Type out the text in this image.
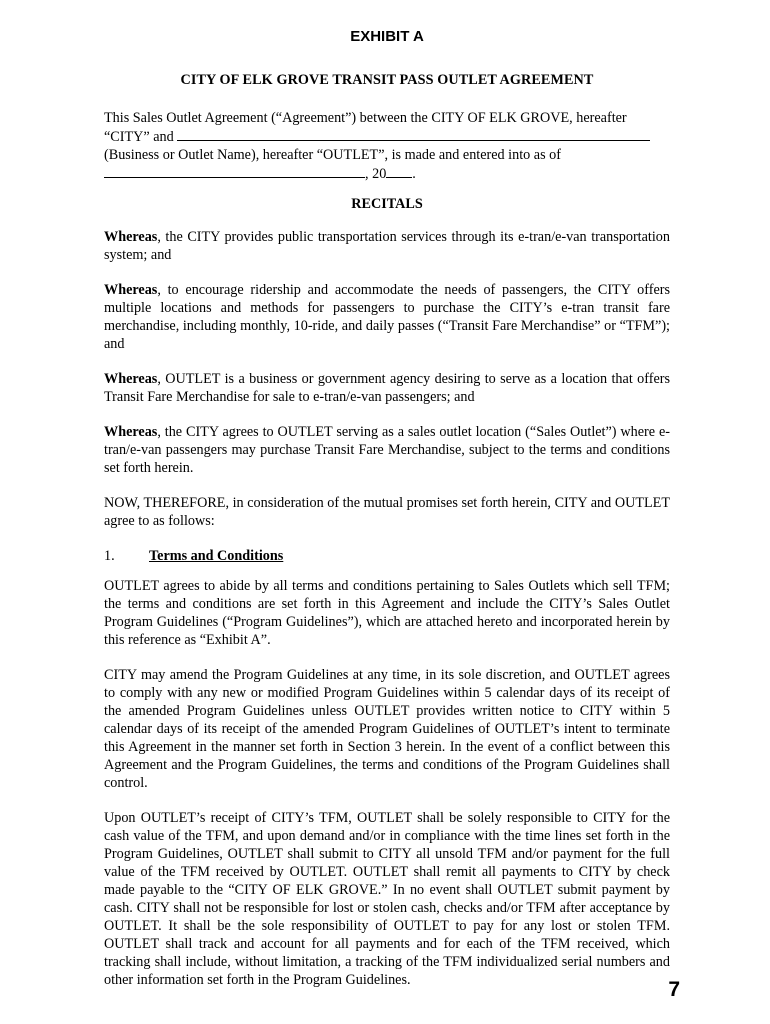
EXHIBIT A
CITY OF ELK GROVE TRANSIT PASS OUTLET AGREEMENT

This Sales Outlet Agreement (“Agreement”) between the CITY OF ELK GROVE, hereafter
“CITY” and
(Business or Outlet Name), hereafter “OUTLET”, is made and entered into as of
, 20 .

RECITALS

Whereas, the CITY provides public transportation services through its e-tran/e-van transportation system; and

Whereas, to encourage ridership and accommodate the needs of passengers, the CITY offers multiple locations and methods for passengers to purchase the CITY’s e-tran transit fare merchandise, including monthly, 10-ride, and daily passes (“Transit Fare Merchandise” or “TFM”); and

Whereas, OUTLET is a business or government agency desiring to serve as a location that offers Transit Fare Merchandise for sale to e-tran/e-van passengers; and

Whereas, the CITY agrees to OUTLET serving as a sales outlet location (“Sales Outlet”) where e-tran/e-van passengers may purchase Transit Fare Merchandise, subject to the terms and conditions set forth herein.

NOW, THEREFORE, in consideration of the mutual promises set forth herein, CITY and OUTLET agree to as follows:

1. Terms and Conditions

OUTLET agrees to abide by all terms and conditions pertaining to Sales Outlets which sell TFM; the terms and conditions are set forth in this Agreement and include the CITY’s Sales Outlet Program Guidelines (“Program Guidelines”), which are attached hereto and incorporated herein by this reference as “Exhibit A”.

CITY may amend the Program Guidelines at any time, in its sole discretion, and OUTLET agrees to comply with any new or modified Program Guidelines within 5 calendar days of its receipt of the amended Program Guidelines unless OUTLET provides written notice to CITY within 5 calendar days of its receipt of the amended Program Guidelines of OUTLET’s intent to terminate this Agreement in the manner set forth in Section 3 herein. In the event of a conflict between this Agreement and the Program Guidelines, the terms and conditions of the Program Guidelines shall control.

Upon OUTLET’s receipt of CITY’s TFM, OUTLET shall be solely responsible to CITY for the cash value of the TFM, and upon demand and/or in compliance with the time lines set forth in the Program Guidelines, OUTLET shall submit to CITY all unsold TFM and/or payment for the full value of the TFM received by OUTLET. OUTLET shall remit all payments to CITY by check made payable to the “CITY OF ELK GROVE.” In no event shall OUTLET submit payment by cash. CITY shall not be responsible for lost or stolen cash, checks and/or TFM after acceptance by OUTLET. It shall be the sole responsibility of OUTLET to pay for any lost or stolen TFM. OUTLET shall track and account for all payments and for each of the TFM received, which tracking shall include, without limitation, a tracking of the TFM individualized serial numbers and other information set forth in the Program Guidelines.	7
